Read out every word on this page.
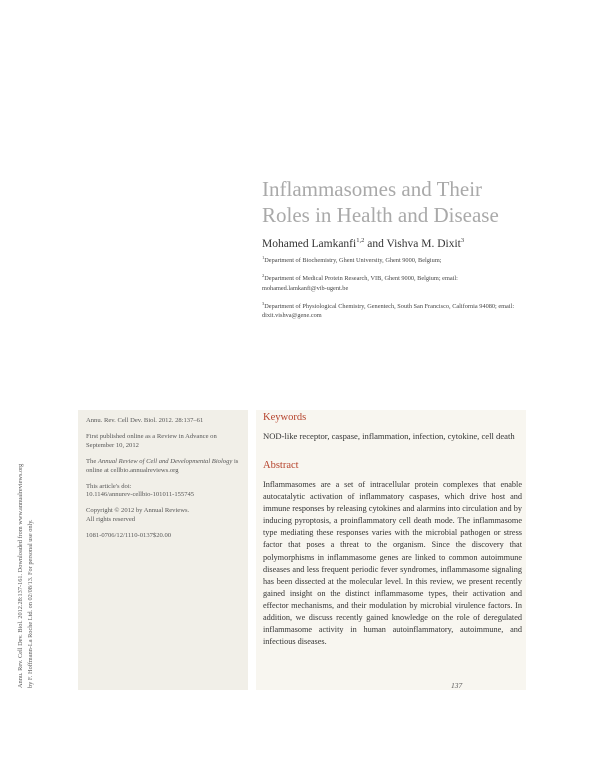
Annu. Rev. Cell Dev. Biol. 2012.28:137-161. Downloaded from www.annualreviews.org by F. Hoffmann-La Roche Ltd. on 02/08/13. For personal use only.
Inflammasomes and Their
Roles in Health and Disease
Mohamed Lamkanfi$^{1,2}$ and Vishva M. Dixit$^3$
$^1$Department of Biochemistry, Ghent University, Ghent 9000, Belgium;
$^2$Department of Medical Protein Research, VIB, Ghent 9000, Belgium; email: mohamed.lamkanfi@vib-ugent.be
$^3$Department of Physiological Chemistry, Genentech, South San Francisco, California 94080; email: dixit.vishva@gene.com
Annu. Rev. Cell Dev. Biol. 2012. 28:137–61
First published online as a Review in Advance on September 10, 2012
The Annual Review of Cell and Developmental Biology is online at cellbio.annualreviews.org
This article's doi:
10.1146/annurev-cellbio-101011-155745
Copyright © 2012 by Annual Reviews.
All rights reserved
1081-0706/12/1110-0137$20.00
Keywords
NOD-like receptor, caspase, inflammation, infection, cytokine, cell death
Abstract
Inflammasomes are a set of intracellular protein complexes that enable autocatalytic activation of inflammatory caspases, which drive host and immune responses by releasing cytokines and alarmins into circulation and by inducing pyroptosis, a proinflammatory cell death mode. The inflammasome type mediating these responses varies with the microbial pathogen or stress factor that poses a threat to the organism. Since the discovery that polymorphisms in inflammasome genes are linked to common autoimmune diseases and less frequent periodic fever syndromes, inflammasome signaling has been dissected at the molecular level. In this review, we present recently gained insight on the distinct inflammasome types, their activation and effector mechanisms, and their modulation by microbial virulence factors. In addition, we discuss recently gained knowledge on the role of deregulated inflammasome activity in human autoinflammatory, autoimmune, and infectious diseases.
137
